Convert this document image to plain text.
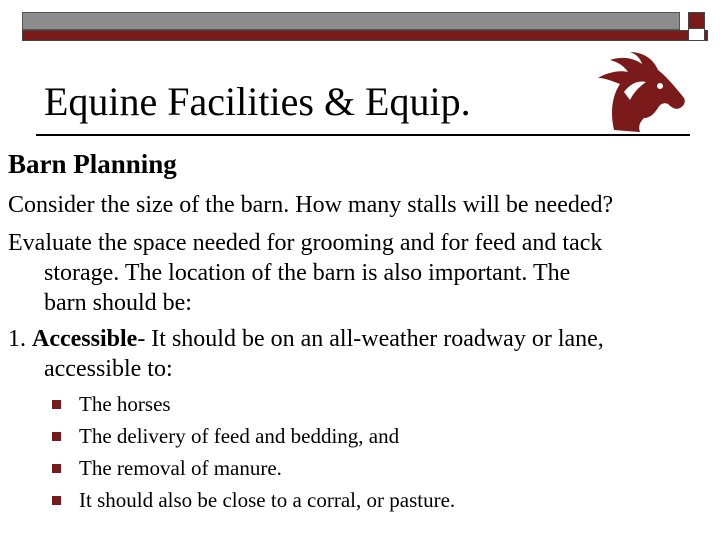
Equine Facilities & Equip.
Barn Planning
Consider the size of the barn. How many stalls will be needed?
Evaluate the space needed for grooming and for feed and tack
storage. The location of the barn is also important. The
barn should be:
1. Accessible- It should be on an all-weather roadway or lane,
accessible to:
The horses
The delivery of feed and bedding, and
The removal of manure.
It should also be close to a corral, or pasture.
